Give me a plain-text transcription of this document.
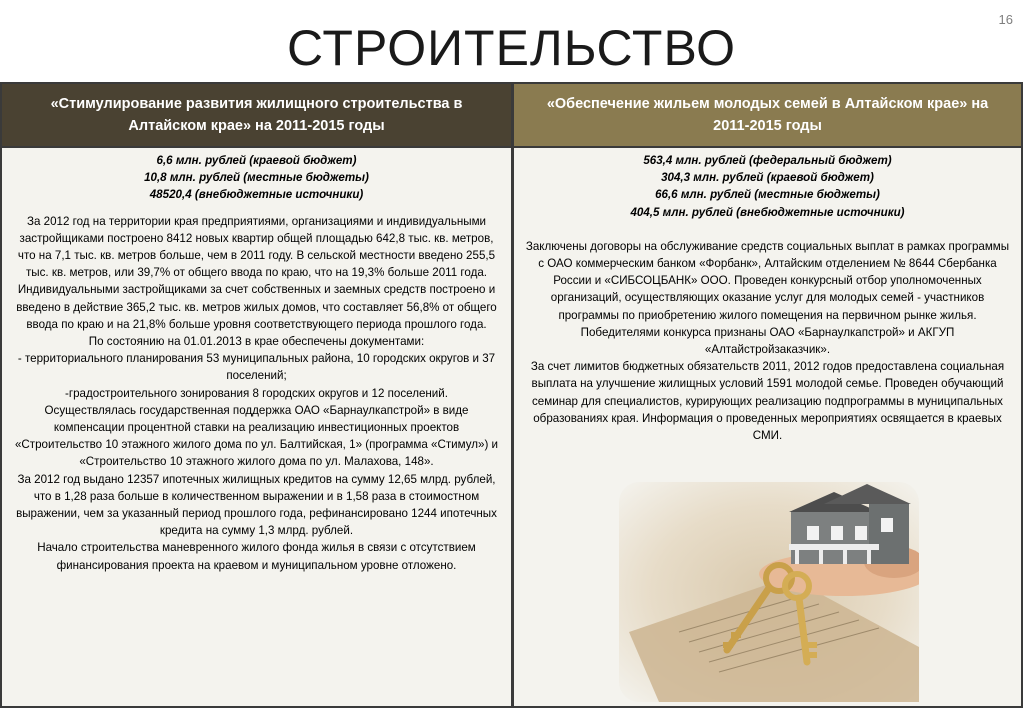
16
СТРОИТЕЛЬСТВО
«Стимулирование развития жилищного строительства в Алтайском крае» на 2011-2015 годы
6,6 млн. рублей (краевой бюджет)
10,8 млн. рублей (местные бюджеты)
48520,4 (внебюджетные источники)
За 2012 год на территории края предприятиями, организациями и индивидуальными застройщиками построено 8412 новых квартир общей площадью 642,8 тыс. кв. метров, что на 7,1 тыс. кв. метров больше, чем в 2011 году. В сельской местности введено 255,5 тыс. кв. метров, или 39,7% от общего ввода по краю, что на 19,3% больше 2011 года.
Индивидуальными застройщиками за счет собственных и заемных средств построено и введено в действие 365,2 тыс. кв. метров жилых домов, что составляет 56,8% от общего ввода по краю и на 21,8% больше уровня соответствующего периода прошлого года.
По состоянию на 01.01.2013 в крае обеспечены документами:
- территориального планирования 53 муниципальных района, 10 городских округов и 37 поселений;
-градостроительного зонирования 8 городских округов и 12 поселений.
Осуществлялась государственная поддержка ОАО «Барнаулкапстрой» в виде компенсации процентной ставки на реализацию инвестиционных проектов «Строительство 10 этажного жилого дома по ул. Балтийская, 1» (программа «Стимул») и «Строительство 10 этажного жилого дома по ул. Малахова, 148».
За 2012 год выдано 12357 ипотечных жилищных кредитов на сумму 12,65 млрд. рублей, что в 1,28 раза больше в количественном выражении и в 1,58 раза в стоимостном выражении, чем за указанный период прошлого года, рефинансировано 1244 ипотечных кредита на сумму 1,3 млрд. рублей.
Начало строительства маневренного жилого фонда жилья в связи с отсутствием финансирования проекта на краевом и муниципальном уровне отложено.
«Обеспечение жильем молодых семей в Алтайском крае» на 2011-2015 годы
563,4 млн. рублей (федеральный бюджет)
304,3 млн. рублей (краевой бюджет)
66,6 млн. рублей (местные бюджеты)
404,5 млн. рублей (внебюджетные источники)
Заключены договоры на обслуживание средств социальных выплат в рамках программы с ОАО коммерческим банком «Форбанк», Алтайским отделением № 8644 Сбербанка России и «СИБСОЦБАНК» ООО. Проведен конкурсный отбор уполномоченных организаций, осуществляющих оказание услуг для молодых семей - участников программы по приобретению жилого помещения на первичном рынке жилья. Победителями конкурса признаны ОАО «Барнаулкапстрой» и АКГУП «Алтайстройзаказчик».
За счет лимитов бюджетных обязательств 2011, 2012 годов предоставлена социальная выплата на улучшение жилищных условий 1591 молодой семье. Проведен обучающий семинар для специалистов, курирующих реализацию подпрограммы в муниципальных образованиях края. Информация о проведенных мероприятиях освящается в краевых СМИ.
